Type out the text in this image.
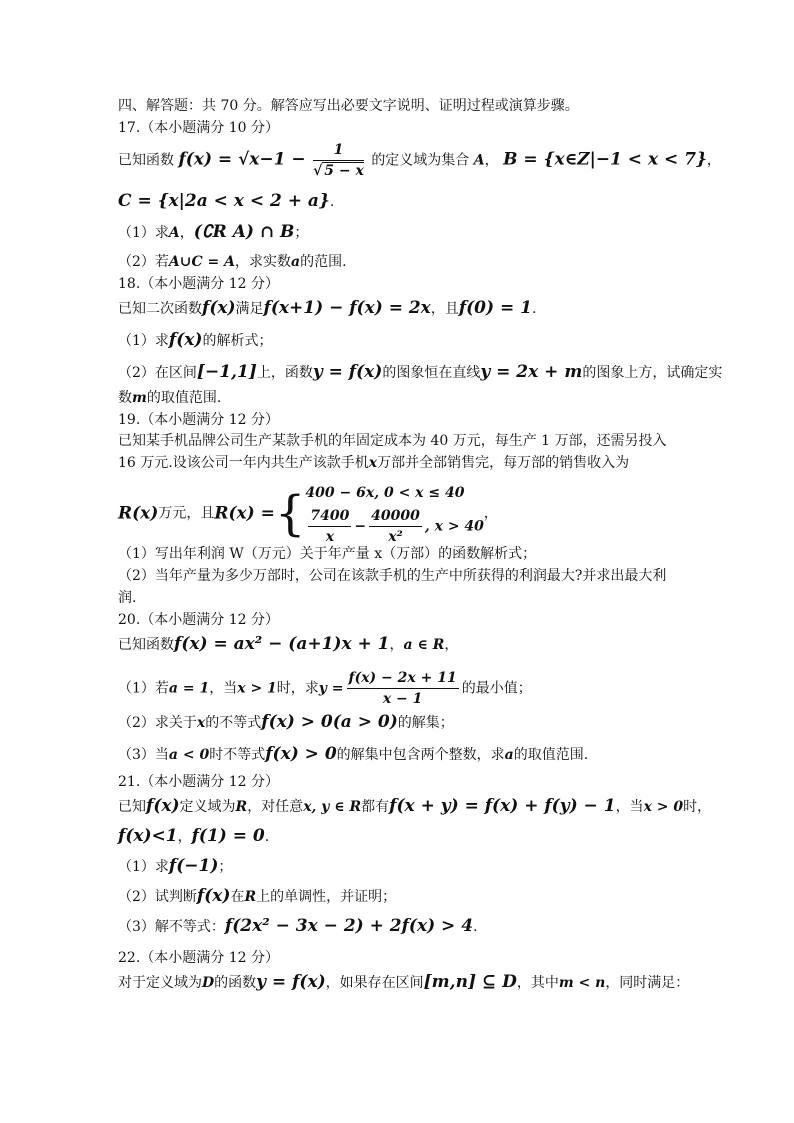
四、解答题：共 70 分。解答应写出必要文字说明、证明过程或演算步骤。
17.（本小题满分 10 分）
已知函数 $f(x) = √x-1 - \frac{1}{√ 5 - x}$ 的定义域为集合 A， B = {x∈Z|−1 < x < 7}，
C = {x|2a < x < 2 + a}.
（1）求A，(∁R A) ∩ B；
（2）若A∪C = A，求实数a的范围.
18.（本小题满分 12 分）
已知二次函数f(x)满足f(x+1) − f(x) = 2x，且f(0) = 1.
（1）求f(x)的解析式；
（2）在区间[−1,1]上，函数y = f(x)的图象恒在直线y = 2x + m的图象上方，试确定实
数m的取值范围.
19.（本小题满分 12 分）
已知某手机品牌公司生产某款手机的年固定成本为 40 万元，每生产 1 万部，还需另投入
16 万元.设该公司一年内共生产该款手机x万部并全部销售完，每万部的销售收入为
R(x)万元，且R(x) ={ 400 − 6x, 0 < x ≤ 40
$\frac{7400}{x} - \frac{40000}{\text{x²}}$ , x > 40
，
（1）写出年利润 W（万元）关于年产量 x（万部）的函数解析式；
（2）当年产量为多少万部时，公司在该款手机的生产中所获得的利润最大?并求出最大利
润.
20.（本小题满分 12 分）
已知函数f(x) = ax² − (a+1)x + 1，a ∈ R，
（1）若a = 1，当x > 1时，求$y = \frac{f(x) - 2x + 11}{x - 1}$ 的最小值；
（2）求关于x的不等式f(x) > 0(a > 0)的解集；
（3）当a < 0时不等式f(x) > 0的解集中包含两个整数，求a的取值范围.
21.（本小题满分 12 分）
已知f(x)定义域为R，对任意x, y ∈ R都有f(x + y) = f(x) + f(y) − 1，当x > 0时，
f(x)<1，f(1) = 0.
（1）求f(−1)；
（2）试判断f(x)在R上的单调性，并证明；
（3）解不等式：f(2x² − 3x − 2) + 2f(x) > 4.
22.（本小题满分 12 分）
对于定义域为D的函数y = f(x)，如果存在区间[m,n] ⊆ D，其中m < n，同时满足：
